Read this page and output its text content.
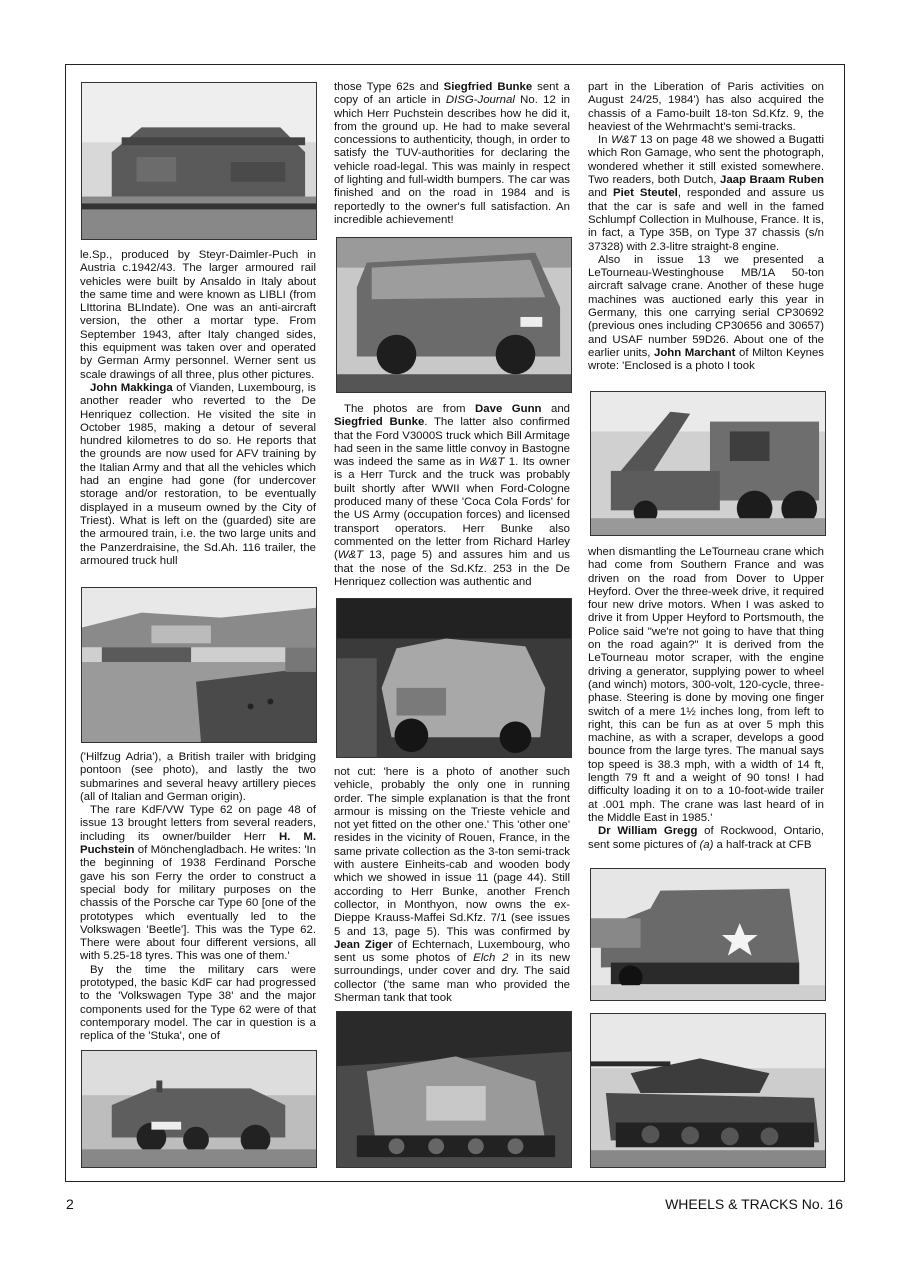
le.Sp., produced by Steyr-Daimler-Puch in Austria c.1942/43. The larger armoured rail vehicles were built by Ansaldo in Italy about the same time and were known as LIBLI (from LIttorina BLIndate). One was an anti-aircraft version, the other a mortar type. From September 1943, after Italy changed sides, this equipment was taken over and operated by German Army personnel. Werner sent us scale drawings of all three, plus other pictures.

John Makkinga of Vianden, Luxembourg, is another reader who reverted to the De Henriquez collection. He visited the site in October 1985, making a detour of several hundred kilometres to do so. He reports that the grounds are now used for AFV training by the Italian Army and that all the vehicles which had an engine had gone (for undercover storage and/or restoration, to be eventually displayed in a museum owned by the City of Triest). What is left on the (guarded) site are the armoured train, i.e. the two large units and the Panzerdraisine, the Sd.Ah. 116 trailer, the armoured truck hull

('Hilfzug Adria'), a British trailer with bridging pontoon (see photo), and lastly the two submarines and several heavy artillery pieces (all of Italian and German origin).

The rare KdF/VW Type 62 on page 48 of issue 13 brought letters from several readers, including its owner/builder Herr H. M. Puchstein of Mönchengladbach. He writes: 'In the beginning of 1938 Ferdinand Porsche gave his son Ferry the order to construct a special body for military purposes on the chassis of the Porsche car Type 60 [one of the prototypes which eventually led to the Volkswagen 'Beetle']. This was the Type 62. There were about four different versions, all with 5.25-18 tyres. This was one of them.'

By the time the military cars were prototyped, the basic KdF car had progressed to the 'Volkswagen Type 38' and the major components used for the Type 62 were of that contemporary model. The car in question is a replica of the 'Stuka', one of

those Type 62s and Siegfried Bunke sent a copy of an article in DISG-Journal No. 12 in which Herr Puchstein describes how he did it, from the ground up. He had to make several concessions to authenticity, though, in order to satisfy the TUV-authorities for declaring the vehicle road-legal. This was mainly in respect of lighting and full-width bumpers. The car was finished and on the road in 1984 and is reportedly to the owner's full satisfaction. An incredible achievement!

The photos are from Dave Gunn and Siegfried Bunke. The latter also confirmed that the Ford V3000S truck which Bill Armitage had seen in the same little convoy in Bastogne was indeed the same as in W&T 1. Its owner is a Herr Turck and the truck was probably built shortly after WWII when Ford-Cologne produced many of these 'Coca Cola Fords' for the US Army (occupation forces) and licensed transport operators. Herr Bunke also commented on the letter from Richard Harley (W&T 13, page 5) and assures him and us that the nose of the Sd.Kfz. 253 in the De Henriquez collection was authentic and

not cut: 'here is a photo of another such vehicle, probably the only one in running order. The simple explanation is that the front armour is missing on the Trieste vehicle and not yet fitted on the other one.' This 'other one' resides in the vicinity of Rouen, France, in the same private collection as the 3-ton semi-track with austere Einheits-cab and wooden body which we showed in issue 11 (page 44). Still according to Herr Bunke, another French collector, in Monthyon, now owns the ex-Dieppe Krauss-Maffei Sd.Kfz. 7/1 (see issues 5 and 13, page 5). This was confirmed by Jean Ziger of Echternach, Luxembourg, who sent us some photos of Elch 2 in its new surroundings, under cover and dry. The said collector ('the same man who provided the Sherman tank that took

part in the Liberation of Paris activities on August 24/25, 1984') has also acquired the chassis of a Famo-built 18-ton Sd.Kfz. 9, the heaviest of the Wehrmacht's semi-tracks.

In W&T 13 on page 48 we showed a Bugatti which Ron Gamage, who sent the photograph, wondered whether it still existed somewhere. Two readers, both Dutch, Jaap Braam Ruben and Piet Steutel, responded and assure us that the car is safe and well in the famed Schlumpf Collection in Mulhouse, France. It is, in fact, a Type 35B, on Type 37 chassis (s/n 37328) with 2.3-litre straight-8 engine.

Also in issue 13 we presented a LeTourneau-Westinghouse MB/1A 50-ton aircraft salvage crane. Another of these huge machines was auctioned early this year in Germany, this one carrying serial CP30692 (previous ones including CP30656 and 30657) and USAF number 59D26. About one of the earlier units, John Marchant of Milton Keynes wrote: 'Enclosed is a photo I took

when dismantling the LeTourneau crane which had come from Southern France and was driven on the road from Dover to Upper Heyford. Over the three-week drive, it required four new drive motors. When I was asked to drive it from Upper Heyford to Portsmouth, the Police said "we're not going to have that thing on the road again?" It is derived from the LeTourneau motor scraper, with the engine driving a generator, supplying power to wheel (and winch) motors, 300-volt, 120-cycle, three-phase. Steering is done by moving one finger switch of a mere 1½ inches long, from left to right, this can be fun as at over 5 mph this machine, as with a scraper, develops a good bounce from the large tyres. The manual says top speed is 38.3 mph, with a width of 14 ft, length 79 ft and a weight of 90 tons! I had difficulty loading it on to a 10-foot-wide trailer at .001 mph. The crane was last heard of in the Middle East in 1985.'

Dr William Gregg of Rockwood, Ontario, sent some pictures of (a) a half-track at CFB

2	WHEELS & TRACKS No. 16
